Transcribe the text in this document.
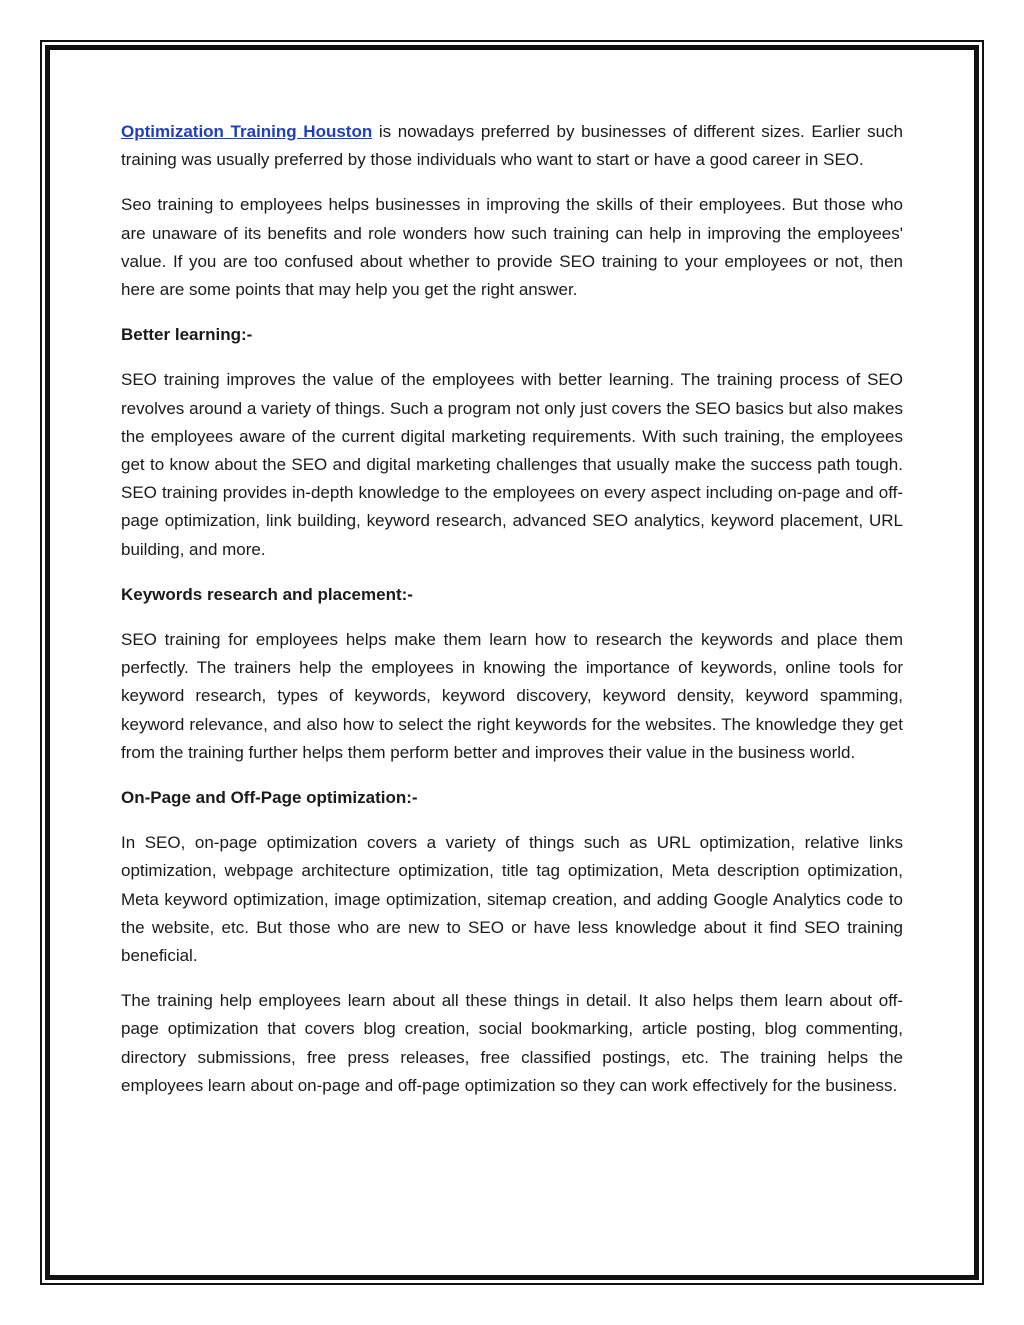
Optimization Training Houston is nowadays preferred by businesses of different sizes. Earlier such training was usually preferred by those individuals who want to start or have a good career in SEO.

Seo training to employees helps businesses in improving the skills of their employees. But those who are unaware of its benefits and role wonders how such training can help in improving the employees' value. If you are too confused about whether to provide SEO training to your employees or not, then here are some points that may help you get the right answer.

Better learning:-

SEO training improves the value of the employees with better learning. The training process of SEO revolves around a variety of things. Such a program not only just covers the SEO basics but also makes the employees aware of the current digital marketing requirements. With such training, the employees get to know about the SEO and digital marketing challenges that usually make the success path tough. SEO training provides in-depth knowledge to the employees on every aspect including on-page and off-page optimization, link building, keyword research, advanced SEO analytics, keyword placement, URL building, and more.

Keywords research and placement:-

SEO training for employees helps make them learn how to research the keywords and place them perfectly. The trainers help the employees in knowing the importance of keywords, online tools for keyword research, types of keywords, keyword discovery, keyword density, keyword spamming, keyword relevance, and also how to select the right keywords for the websites. The knowledge they get from the training further helps them perform better and improves their value in the business world.

On-Page and Off-Page optimization:-

In SEO, on-page optimization covers a variety of things such as URL optimization, relative links optimization, webpage architecture optimization, title tag optimization, Meta description optimization, Meta keyword optimization, image optimization, sitemap creation, and adding Google Analytics code to the website, etc. But those who are new to SEO or have less knowledge about it find SEO training beneficial.

The training help employees learn about all these things in detail. It also helps them learn about off-page optimization that covers blog creation, social bookmarking, article posting, blog commenting, directory submissions, free press releases, free classified postings, etc. The training helps the employees learn about on-page and off-page optimization so they can work effectively for the business.
